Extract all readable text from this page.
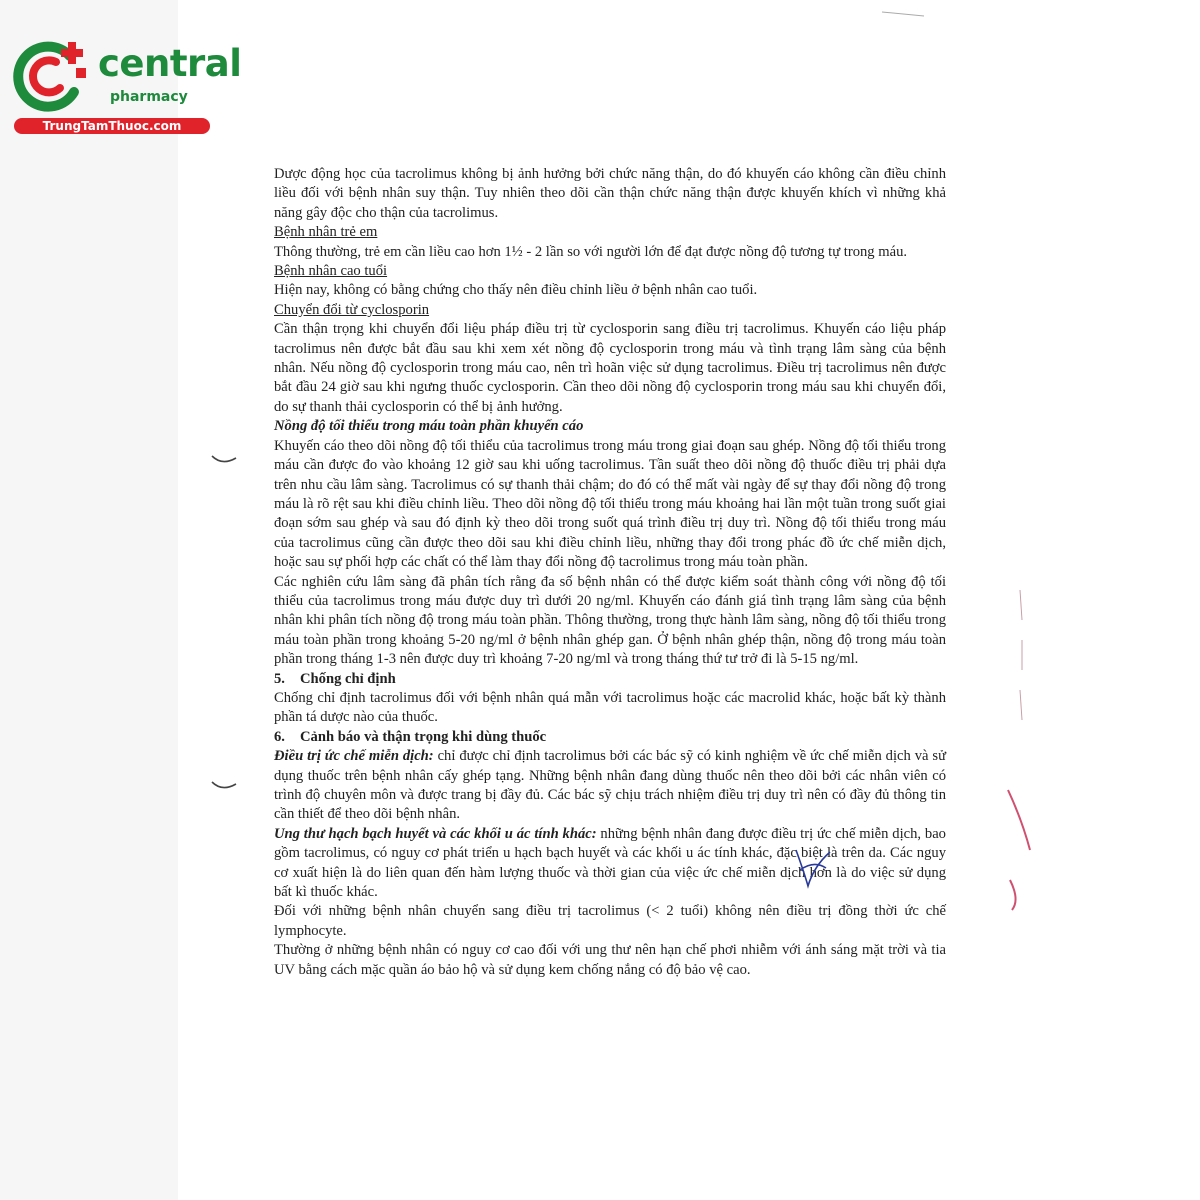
central
pharmacy
TrungTamThuoc.com

Dược động học của tacrolimus không bị ảnh hưởng bởi chức năng thận, do đó khuyến cáo không cần điều chỉnh liều đối với bệnh nhân suy thận. Tuy nhiên theo dõi cần thận chức năng thận được khuyến khích vì những khả năng gây độc cho thận của tacrolimus.

Bệnh nhân trẻ em

Thông thường, trẻ em cần liều cao hơn 1½ - 2 lần so với người lớn để đạt được nồng độ tương tự trong máu.

Bệnh nhân cao tuổi

Hiện nay, không có bằng chứng cho thấy nên điều chỉnh liều ở bệnh nhân cao tuổi.

Chuyển đổi từ cyclosporin

Cần thận trọng khi chuyển đổi liệu pháp điều trị từ cyclosporin sang điều trị tacrolimus. Khuyến cáo liệu pháp tacrolimus nên được bắt đầu sau khi xem xét nồng độ cyclosporin trong máu và tình trạng lâm sàng của bệnh nhân. Nếu nồng độ cyclosporin trong máu cao, nên trì hoãn việc sử dụng tacrolimus. Điều trị tacrolimus nên được bắt đầu 24 giờ sau khi ngưng thuốc cyclosporin. Cần theo dõi nồng độ cyclosporin trong máu sau khi chuyển đổi, do sự thanh thải cyclosporin có thể bị ảnh hưởng.

Nồng độ tối thiểu trong máu toàn phần khuyến cáo

Khuyến cáo theo dõi nồng độ tối thiểu của tacrolimus trong máu trong giai đoạn sau ghép. Nồng độ tối thiểu trong máu cần được đo vào khoảng 12 giờ sau khi uống tacrolimus. Tần suất theo dõi nồng độ thuốc điều trị phải dựa trên nhu cầu lâm sàng. Tacrolimus có sự thanh thải chậm; do đó có thể mất vài ngày để sự thay đổi nồng độ trong máu là rõ rệt sau khi điều chỉnh liều. Theo dõi nồng độ tối thiểu trong máu khoảng hai lần một tuần trong suốt giai đoạn sớm sau ghép và sau đó định kỳ theo dõi trong suốt quá trình điều trị duy trì. Nồng độ tối thiểu trong máu của tacrolimus cũng cần được theo dõi sau khi điều chỉnh liều, những thay đổi trong phác đồ ức chế miễn dịch, hoặc sau sự phối hợp các chất có thể làm thay đổi nồng độ tacrolimus trong máu toàn phần.

Các nghiên cứu lâm sàng đã phân tích rằng đa số bệnh nhân có thể được kiểm soát thành công với nồng độ tối thiểu của tacrolimus trong máu được duy trì dưới 20 ng/ml. Khuyến cáo đánh giá tình trạng lâm sàng của bệnh nhân khi phân tích nồng độ trong máu toàn phần. Thông thường, trong thực hành lâm sàng, nồng độ tối thiểu trong máu toàn phần trong khoảng 5-20 ng/ml ở bệnh nhân ghép gan. Ở bệnh nhân ghép thận, nồng độ trong máu toàn phần trong tháng 1-3 nên được duy trì khoảng 7-20 ng/ml và trong tháng thứ tư trở đi là 5-15 ng/ml.

5. Chống chỉ định

Chống chỉ định tacrolimus đối với bệnh nhân quá mẫn với tacrolimus hoặc các macrolid khác, hoặc bất kỳ thành phần tá dược nào của thuốc.

6. Cảnh báo và thận trọng khi dùng thuốc

Điều trị ức chế miễn dịch: chỉ được chỉ định tacrolimus bởi các bác sỹ có kinh nghiệm về ức chế miễn dịch và sử dụng thuốc trên bệnh nhân cấy ghép tạng. Những bệnh nhân đang dùng thuốc nên theo dõi bởi các nhân viên có trình độ chuyên môn và được trang bị đầy đủ. Các bác sỹ chịu trách nhiệm điều trị duy trì nên có đầy đủ thông tin cần thiết để theo dõi bệnh nhân.

Ung thư hạch bạch huyết và các khối u ác tính khác: những bệnh nhân đang được điều trị ức chế miễn dịch, bao gồm tacrolimus, có nguy cơ phát triển u hạch bạch huyết và các khối u ác tính khác, đặc biệt là trên da. Các nguy cơ xuất hiện là do liên quan đến hàm lượng thuốc và thời gian của việc ức chế miễn dịch hơn là do việc sử dụng bất kì thuốc khác.

Đối với những bệnh nhân chuyển sang điều trị tacrolimus (< 2 tuổi) không nên điều trị đồng thời ức chế lymphocyte.

Thường ở những bệnh nhân có nguy cơ cao đối với ung thư nên hạn chế phơi nhiễm với ánh sáng mặt trời và tia UV bằng cách mặc quần áo bảo hộ và sử dụng kem chống nắng có độ bảo vệ cao.
